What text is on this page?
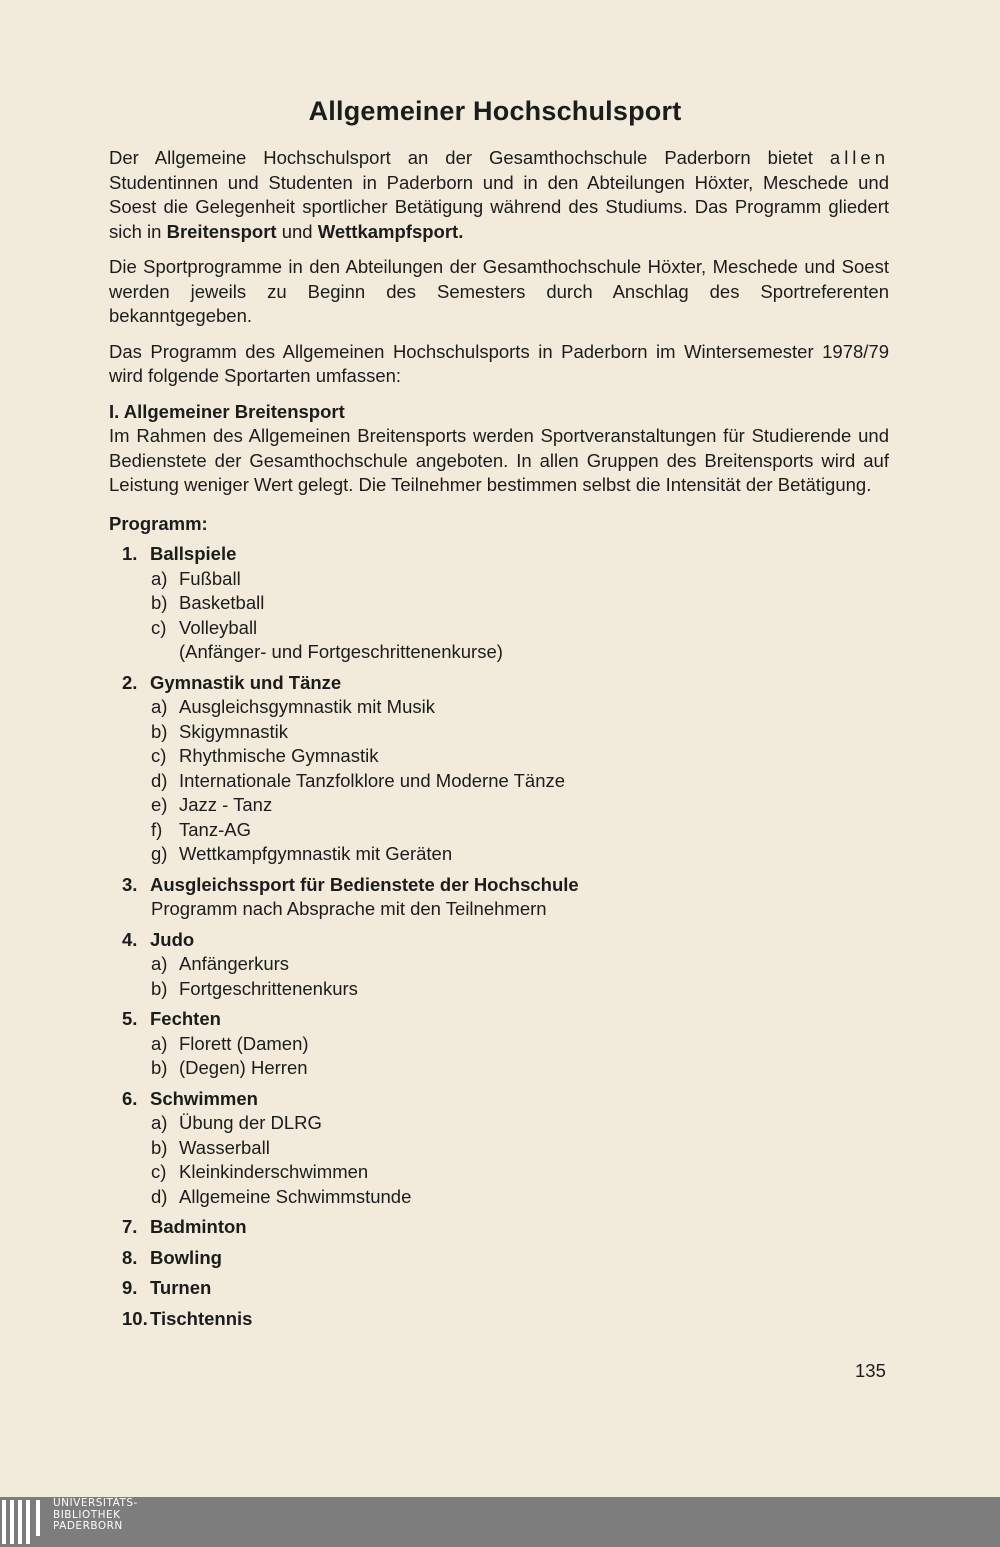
Allgemeiner Hochschulsport

Der Allgemeine Hochschulsport an der Gesamthochschule Paderborn bietet allen Studentinnen und Studenten in Paderborn und in den Abteilungen Höxter, Meschede und Soest die Gelegenheit sportlicher Betätigung während des Studiums. Das Programm gliedert sich in Breitensport und Wettkampfsport.

Die Sportprogramme in den Abteilungen der Gesamthochschule Höxter, Meschede und Soest werden jeweils zu Beginn des Semesters durch Anschlag des Sportreferenten bekanntgegeben.

Das Programm des Allgemeinen Hochschulsports in Paderborn im Wintersemester 1978/79 wird folgende Sportarten umfassen:

I. Allgemeiner Breitensport

Im Rahmen des Allgemeinen Breitensports werden Sportveranstaltungen für Studierende und Bedienstete der Gesamthochschule angeboten. In allen Gruppen des Breitensports wird auf Leistung weniger Wert gelegt. Die Teilnehmer bestimmen selbst die Intensität der Betätigung.

Programm:
1. Ballspiele
a) Fußball
b) Basketball
c) Volleyball
(Anfänger- und Fortgeschrittenenkurse)
2. Gymnastik und Tänze
a) Ausgleichsgymnastik mit Musik
b) Skigymnastik
c) Rhythmische Gymnastik
d) Internationale Tanzfolklore und Moderne Tänze
e) Jazz - Tanz
f) Tanz-AG
g) Wettkampfgymnastik mit Geräten
3. Ausgleichssport für Bedienstete der Hochschule
Programm nach Absprache mit den Teilnehmern
4. Judo
a) Anfängerkurs
b) Fortgeschrittenenkurs
5. Fechten
a) Florett (Damen)
b) (Degen) Herren
6. Schwimmen
a) Übung der DLRG
b) Wasserball
c) Kleinkinderschwimmen
d) Allgemeine Schwimmstunde
7. Badminton
8. Bowling
9. Turnen
10. Tischtennis
135
UNIVERSITÄTS-
BIBLIOTHEK
PADERBORN
